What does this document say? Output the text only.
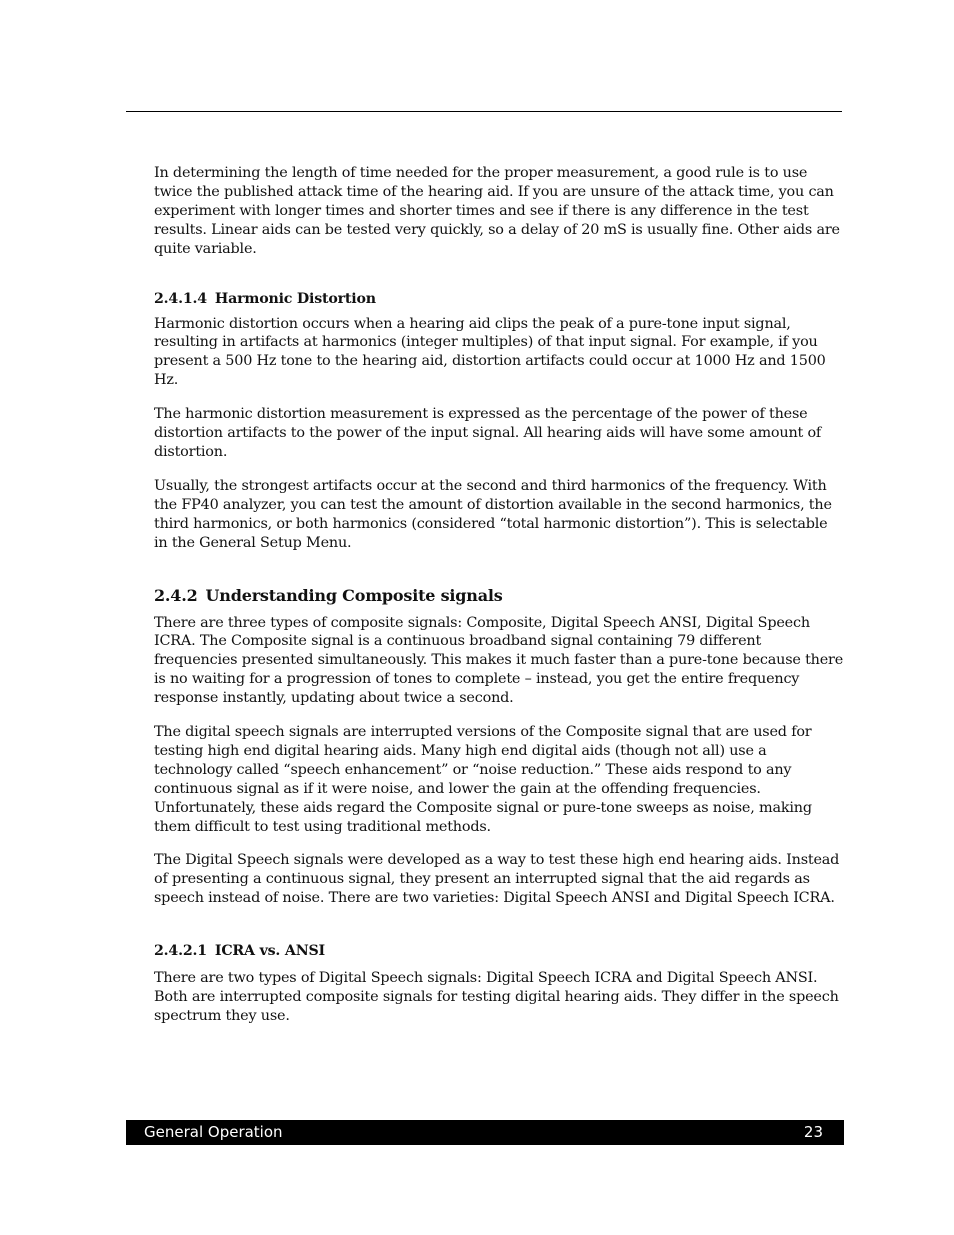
In determining the length of time needed for the proper measurement, a good rule is to use twice the published attack time of the hearing aid. If you are unsure of the attack time, you can experiment with longer times and shorter times and see if there is any difference in the test results. Linear aids can be tested very quickly, so a delay of 20 mS is usually fine. Other aids are quite variable.

2.4.1.4 Harmonic Distortion

Harmonic distortion occurs when a hearing aid clips the peak of a pure-tone input signal, resulting in artifacts at harmonics (integer multiples) of that input signal. For example, if you present a 500 Hz tone to the hearing aid, distortion artifacts could occur at 1000 Hz and 1500 Hz.

The harmonic distortion measurement is expressed as the percentage of the power of these distortion artifacts to the power of the input signal. All hearing aids will have some amount of distortion.

Usually, the strongest artifacts occur at the second and third harmonics of the frequency. With the FP40 analyzer, you can test the amount of distortion available in the second harmonics, the third harmonics, or both harmonics (considered “total harmonic distortion”). This is selectable in the General Setup Menu.

2.4.2 Understanding Composite signals

There are three types of composite signals: Composite, Digital Speech ANSI, Digital Speech ICRA. The Composite signal is a continuous broadband signal containing 79 different frequencies presented simultaneously. This makes it much faster than a pure-tone because there is no waiting for a progression of tones to complete – instead, you get the entire frequency response instantly, updating about twice a second.

The digital speech signals are interrupted versions of the Composite signal that are used for testing high end digital hearing aids. Many high end digital aids (though not all) use a technology called “speech enhancement” or “noise reduction.” These aids respond to any continuous signal as if it were noise, and lower the gain at the offending frequencies. Unfortunately, these aids regard the Composite signal or pure-tone sweeps as noise, making them difficult to test using traditional methods.

The Digital Speech signals were developed as a way to test these high end hearing aids. Instead of presenting a continuous signal, they present an interrupted signal that the aid regards as speech instead of noise. There are two varieties: Digital Speech ANSI and Digital Speech ICRA.

2.4.2.1 ICRA vs. ANSI

There are two types of Digital Speech signals: Digital Speech ICRA and Digital Speech ANSI. Both are interrupted composite signals for testing digital hearing aids. They differ in the speech spectrum they use.

General Operation	23
